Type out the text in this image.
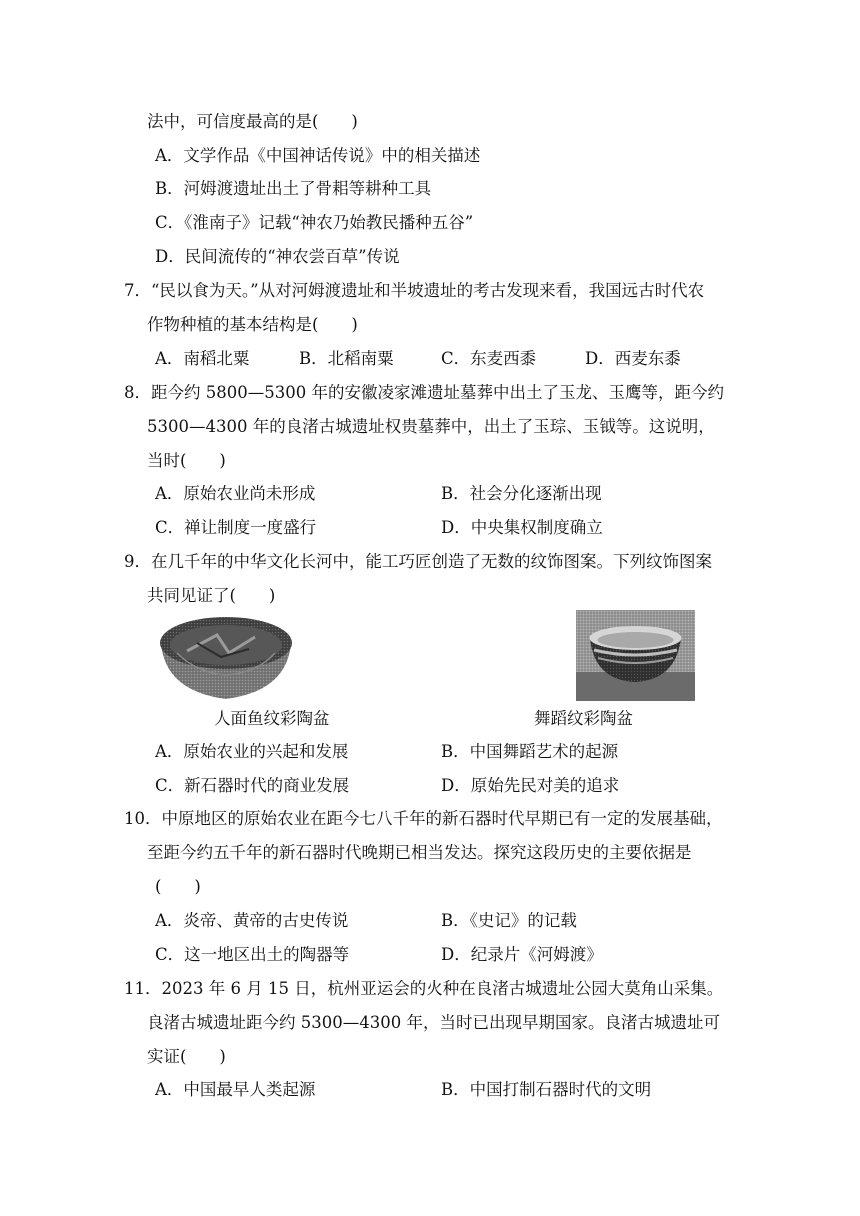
法中，可信度最高的是(　　)
A．文学作品《中国神话传说》中的相关描述
B．河姆渡遗址出土了骨耜等耕种工具
C．《淮南子》记载“神农乃始教民播种五谷”
D．民间流传的“神农尝百草”传说
7．“民以食为天。”从对河姆渡遗址和半坡遗址的考古发现来看，我国远古时代农
作物种植的基本结构是(　　)
A．南稻北粟	B．北稻南粟	C．东麦西黍	D．西麦东黍
8．距今约 5800—5300 年的安徽凌家滩遗址墓葬中出土了玉龙、玉鹰等，距今约
5300—4300 年的良渚古城遗址权贵墓葬中，出土了玉琮、玉钺等。这说明，
当时(　　)
A．原始农业尚未形成	B．社会分化逐渐出现
C．禅让制度一度盛行	D．中央集权制度确立
9．在几千年的中华文化长河中，能工巧匠创造了无数的纹饰图案。下列纹饰图案
共同见证了(　　)
人面鱼纹彩陶盆	舞蹈纹彩陶盆
A．原始农业的兴起和发展	B．中国舞蹈艺术的起源
C．新石器时代的商业发展	D．原始先民对美的追求
10．中原地区的原始农业在距今七八千年的新石器时代早期已有一定的发展基础，
至距今约五千年的新石器时代晚期已相当发达。探究这段历史的主要依据是
(　　)
A．炎帝、黄帝的古史传说	B．《史记》的记载
C．这一地区出土的陶器等	D．纪录片《河姆渡》
11．2023 年 6 月 15 日，杭州亚运会的火种在良渚古城遗址公园大莫角山采集。
良渚古城遗址距今约 5300—4300 年，当时已出现早期国家。良渚古城遗址可
实证(　　)
A．中国最早人类起源	B．中国打制石器时代的文明
